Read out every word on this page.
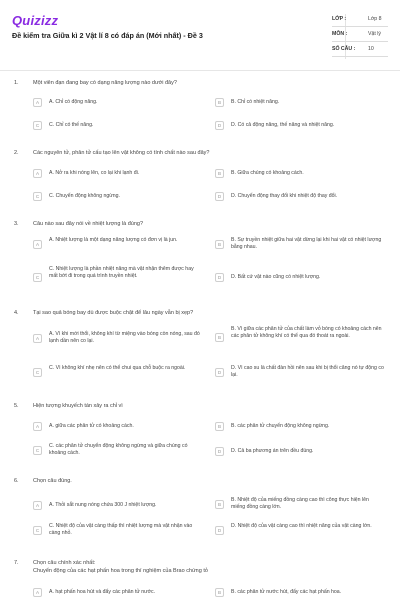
Quizizz
Đề kiểm tra Giữa kì 2 Vật lí 8 có đáp án (Mới nhất) - Đề 3
LỚP :	Lớp 8
MÔN :	Vật lý
SỐ CÂU : 10
1.	Một viên đạn đang bay có dạng năng lượng nào dưới đây?
A	A. Chỉ có động năng.	B	B. Chỉ có nhiệt năng.
C	C. Chỉ có thế năng.	D	D. Có cả động năng, thế năng và nhiệt năng.
2.	Các nguyên tử, phân tử cấu tạo lên vật không có tính chất nào sau đây?
A	A. Nở ra khi nóng lên, co lại khi lạnh đi.	B	B. Giữa chúng có khoảng cách.
C	C. Chuyển động không ngừng.	D	D. Chuyển động thay đổi khi nhiệt độ thay đổi.
3.	Câu nào sau đây nói về nhiệt lượng là đúng?
A
A. Nhiệt lượng là một dạng năng lượng có đơn vị là jun.
B
B. Sự truyền nhiệt giữa hai vật dừng lại khi hai vật có nhiệt lượng bằng nhau.
C
C. Nhiệt lượng là phần nhiệt năng mà vật nhận thêm được hay mất bớt đi trong quá trình truyền nhiệt.	D	D. Bất cứ vật nào cũng có nhiệt lượng.
4.	Tại sao quả bóng bay dù được buộc chặt để lâu ngày vẫn bị xẹp?
A
A. Vì khi mới thổi, không khí từ miệng vào bóng còn nóng, sau đó lạnh dần nên co lại.
B
B. Vì giữa các phân tử của chất làm vỏ bóng có khoảng cách nên các phân tử không khí có thể qua đó thoát ra ngoài.
C
C. Vì không khí nhẹ nên có thể chui qua chỗ buộc ra ngoài.
D
D. Vì cao su là chất đàn hồi nên sau khi bị thổi căng nó tự động co lại.
5.	Hiện tượng khuyếch tán xảy ra chỉ vì
A	A. giữa các phân tử có khoảng cách.	B	B. các phân tử chuyển động không ngừng.
C
C. các phân tử chuyển động không ngừng và giữa chúng có khoảng cách.	D	D. Cả ba phương án trên đều đúng.
6.	Chọn câu đúng.
A	A. Thỏi sắt nung nóng chứa 300 J nhiệt lượng.	B
B. Nhiệt độ của miếng đồng càng cao thì công thực hiện lên miếng đồng càng lớn.
C
C. Nhiệt độ của vật càng thấp thì nhiệt lượng mà vật nhận vào càng nhỏ.	D
D. Nhiệt độ của vật càng cao thì nhiệt năng của vật càng lớn.
7.	Chọn câu chính xác nhất:
Chuyển động của các hạt phấn hoa trong thí nghiệm của Brao chứng tỏ
A	A. hạt phấn hoa hút và đẩy các phân tử nước.	B	B. các phân tử nước hút, đẩy các hạt phấn hoa.
